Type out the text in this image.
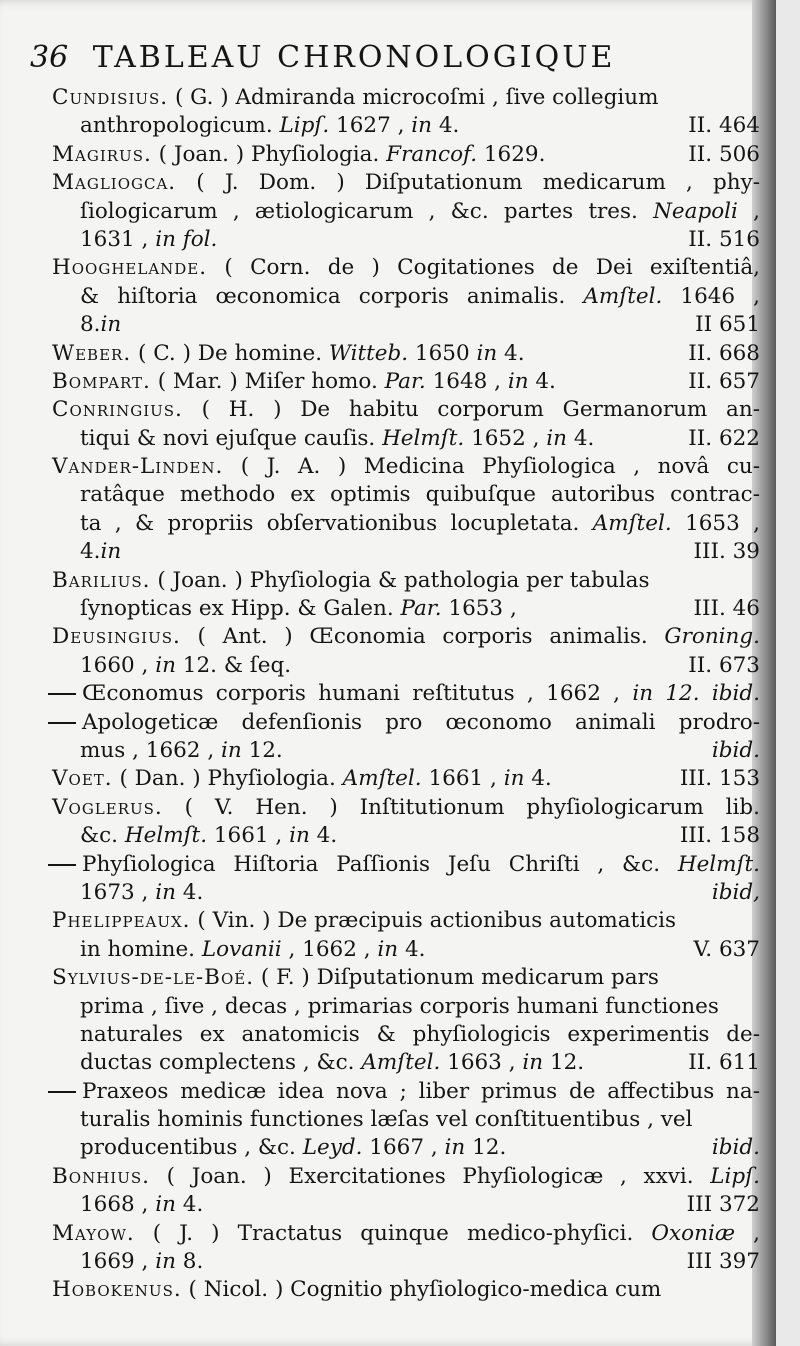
36 TABLEAU CHRONOLOGIQUE
Cundisius. ( G. ) Admiranda microcoſmi , ſive collegium
anthropologicum. Lipſ. 1627 , in 4.	II. 464
Magirus. ( Joan. ) Phyſiologia. Francof. 1629.	II. 506
Magliogca. ( J. Dom. ) Diſputationum medicarum , phy-
ſiologicarum , ætiologicarum , &c. partes tres. Neapoli ,
1631 , in fol.	II. 516
Hooghelande. ( Corn. de ) Cogitationes de Dei exiſtentiâ,
& hiſtoria œconomica corporis animalis. Amſtel. 1646 ,
8.in	II 651
Weber. ( C. ) De homine. Witteb. 1650 in 4.	II. 668
Bompart. ( Mar. ) Miſer homo. Par. 1648 , in 4.	II. 657
Conringius. ( H. ) De habitu corporum Germanorum an-
tiqui & novi ejuſque cauſis. Helmſt. 1652 , in 4.	II. 622
Vander-Linden. ( J. A. ) Medicina Phyſiologica , novâ cu-
ratâque methodo ex optimis quibuſque autoribus contrac-
ta , & propriis obſervationibus locupletata. Amſtel. 1653 ,
4.in	III. 39
Barilius. ( Joan. ) Phyſiologia & pathologia per tabulas
ſynopticas ex Hipp. & Galen. Par. 1653 ,	III. 46
Deusingius. ( Ant. ) Œconomia corporis animalis. Groning.
1660 , in 12. & ſeq.	II. 673
Œconomus corporis humani reſtitutus , 1662 , in 12. ibid.
Apologeticæ defenſionis pro œconomo animali prodro-
mus , 1662 , in 12.	ibid.
Voet. ( Dan. ) Phyſiologia. Amſtel. 1661 , in 4.	III. 153
Voglerus. ( V. Hen. ) Inſtitutionum phyſiologicarum lib.
&c. Helmſt. 1661 , in 4.	III. 158
Phyſiologica Hiſtoria Paſſionis Jeſu Chriſti , &c. Helmſt.
1673 , in 4.	ibid,
Phelippeaux. ( Vin. ) De præcipuis actionibus automaticis
in homine. Lovanii , 1662 , in 4.	V. 637
Sylvius-de-le-Boé. ( F. ) Diſputationum medicarum pars
prima , ſive , decas , primarias corporis humani functiones
naturales ex anatomicis & phyſiologicis experimentis de-
ductas complectens , &c. Amſtel. 1663 , in 12.	II. 611
Praxeos medicæ idea nova ; liber primus de affectibus na-
turalis hominis functiones læſas vel conſtituentibus , vel
producentibus , &c. Leyd. 1667 , in 12.	ibid.
Bonhius. ( Joan. ) Exercitationes Phyſiologicæ , xxvi. Lipſ.
1668 , in 4.	III 372
Mayow. ( J. ) Tractatus quinque medico-phyſici. Oxoniæ ,
1669 , in 8.	III 397
Hobokenus. ( Nicol. ) Cognitio phyſiologico-medica cum
